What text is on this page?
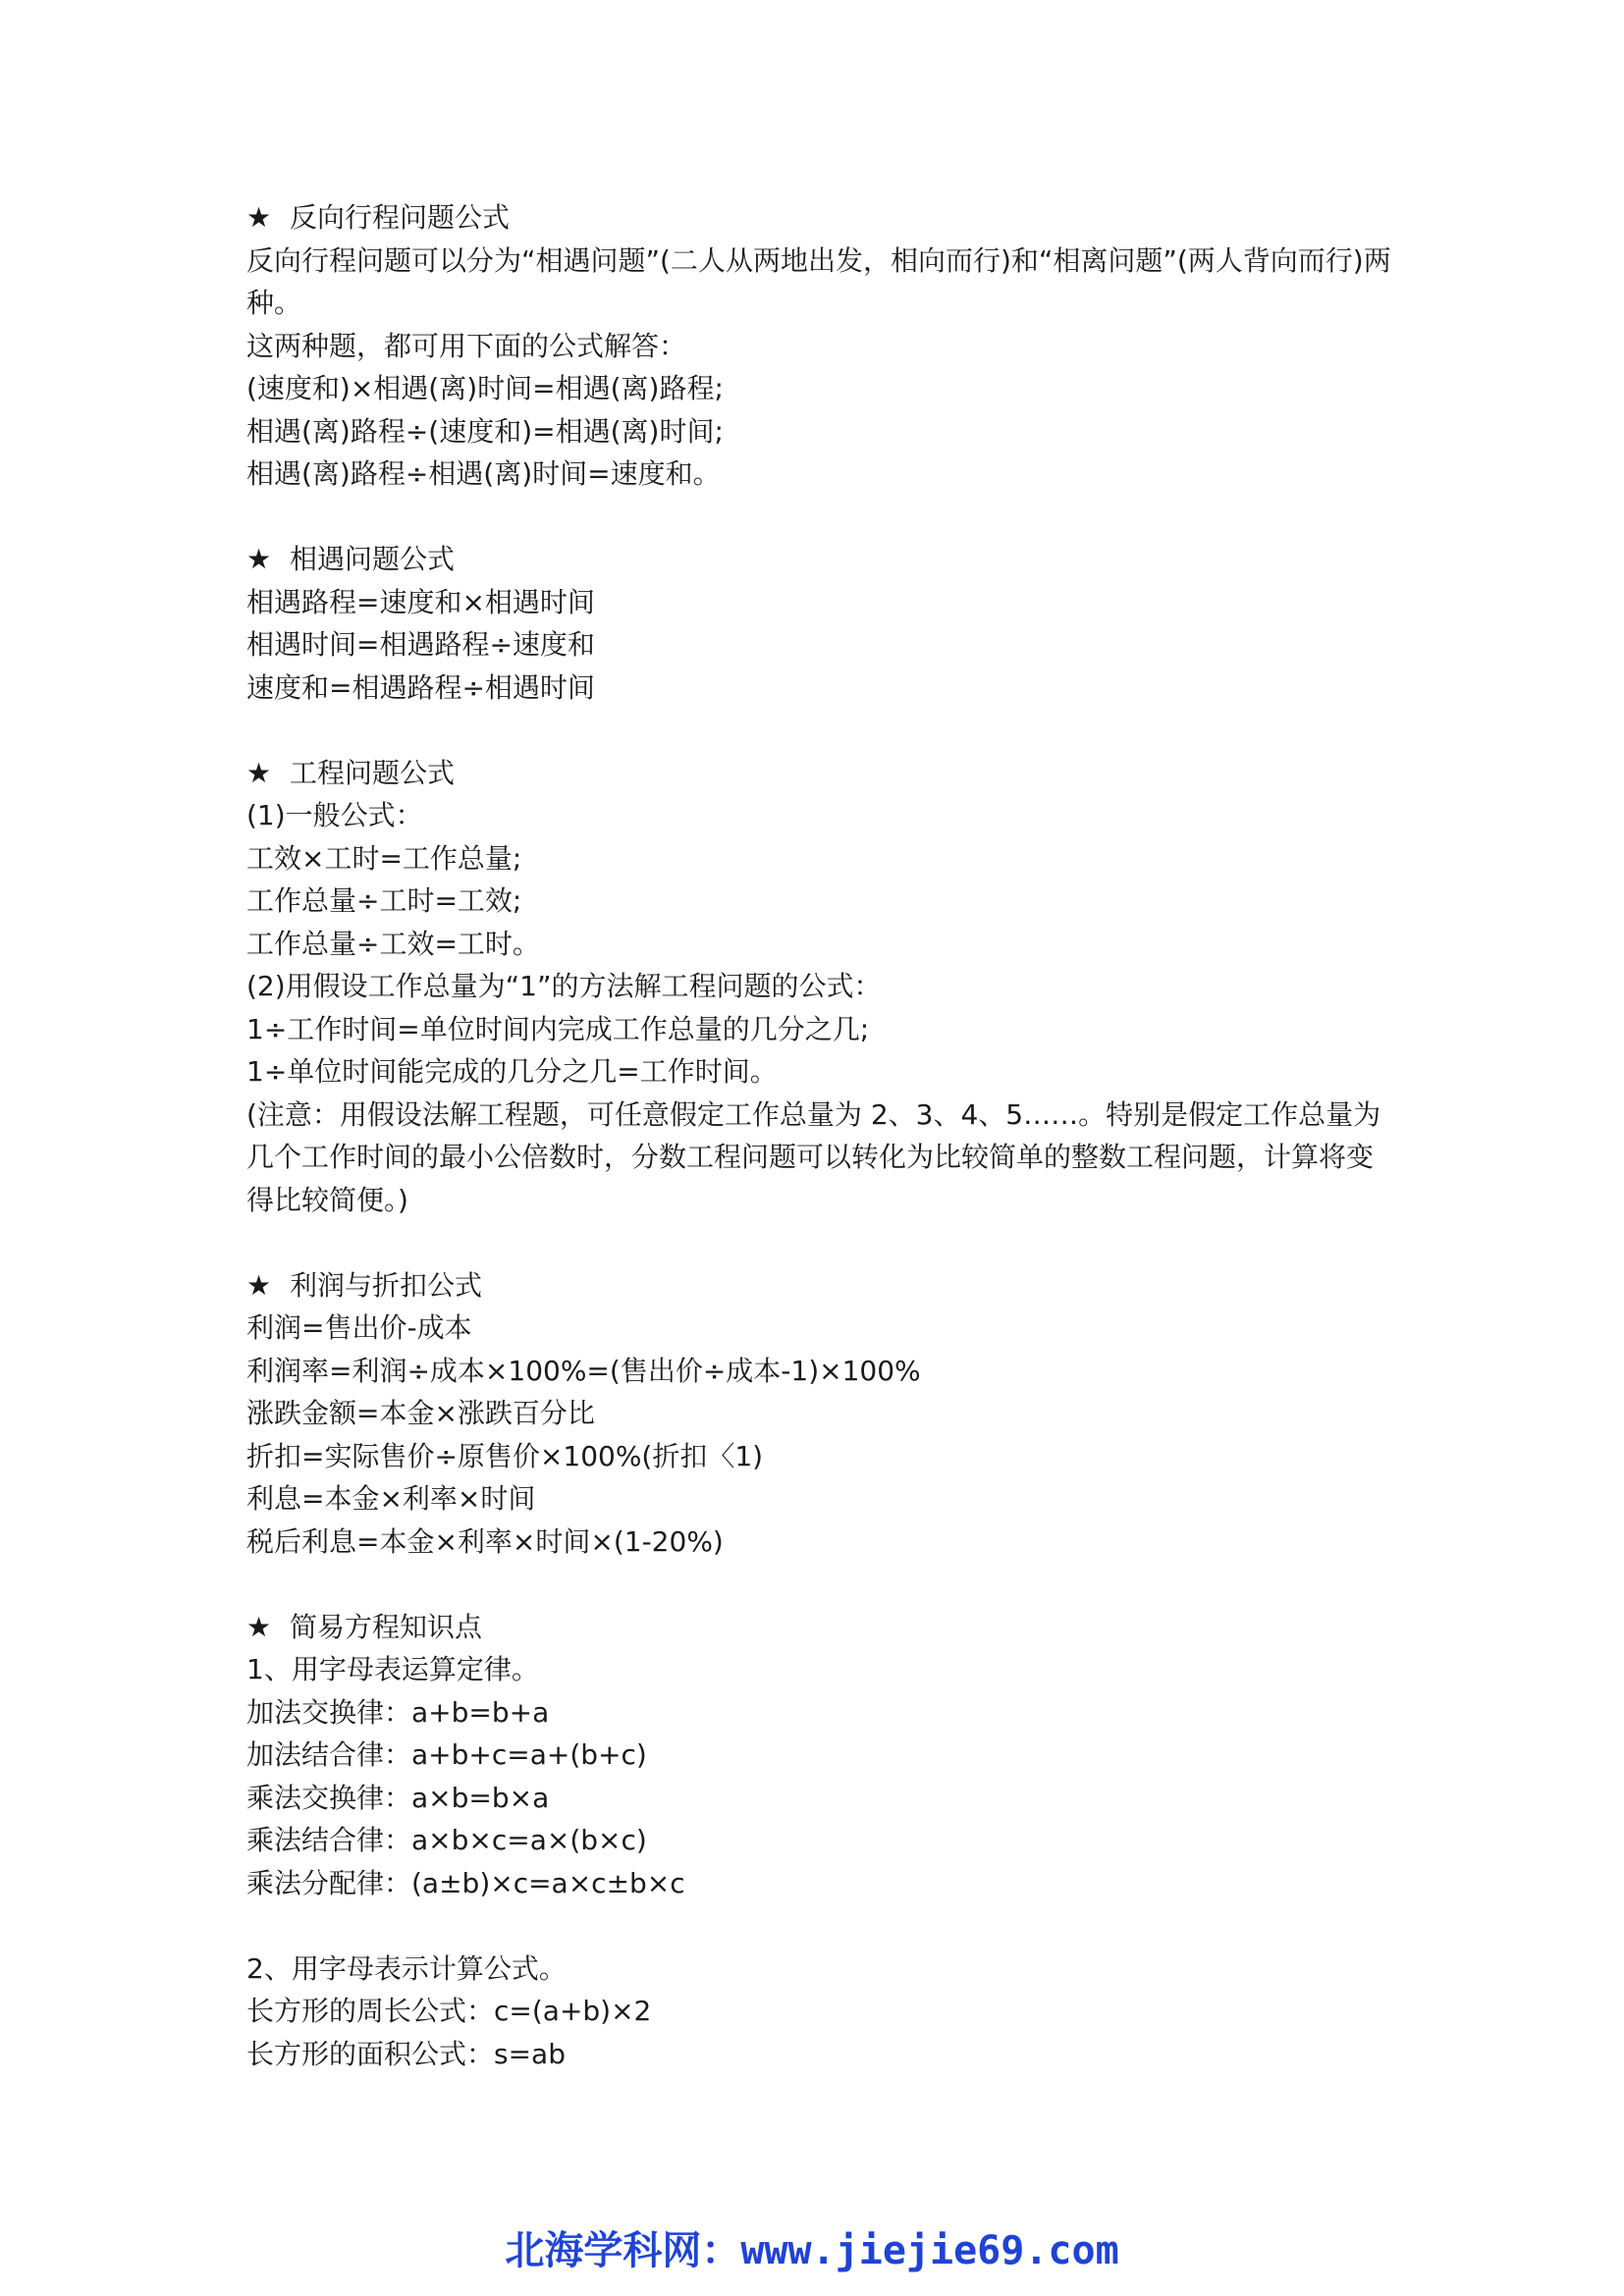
★ 反向行程问题公式

反向行程问题可以分为“相遇问题”(二人从两地出发，相向而行)和“相离问题”(两人背向而行)两种。

这两种题，都可用下面的公式解答：
(速度和)×相遇(离)时间=相遇(离)路程;
相遇(离)路程÷(速度和)=相遇(离)时间;
相遇(离)路程÷相遇(离)时间=速度和。
★ 相遇问题公式
相遇路程=速度和×相遇时间
相遇时间=相遇路程÷速度和
速度和=相遇路程÷相遇时间
★ 工程问题公式
(1)一般公式：
工效×工时=工作总量;
工作总量÷工时=工效;
工作总量÷工效=工时。
(2)用假设工作总量为“1”的方法解工程问题的公式：
1÷工作时间=单位时间内完成工作总量的几分之几;
1÷单位时间能完成的几分之几=工作时间。

(注意：用假设法解工程题，可任意假定工作总量为 2、3、4、5……。特别是假定工作总量为几个工作时间的最小公倍数时，分数工程问题可以转化为比较简单的整数工程问题，计算将变得比较简便。)

★ 利润与折扣公式
利润=售出价-成本
利润率=利润÷成本×100%=(售出价÷成本-1)×100%
涨跌金额=本金×涨跌百分比
折扣=实际售价÷原售价×100%(折扣〈1)
利息=本金×利率×时间
税后利息=本金×利率×时间×(1-20%)
★ 简易方程知识点
1、用字母表运算定律。
加法交换律：a+b=b+a
加法结合律：a+b+c=a+(b+c)
乘法交换律：a×b=b×a
乘法结合律：a×b×c=a×(b×c)
乘法分配律：(a±b)×c=a×c±b×c
2、用字母表示计算公式。
长方形的周长公式：c=(a+b)×2
长方形的面积公式：s=ab
北海学科网：www.jiejie69.com
